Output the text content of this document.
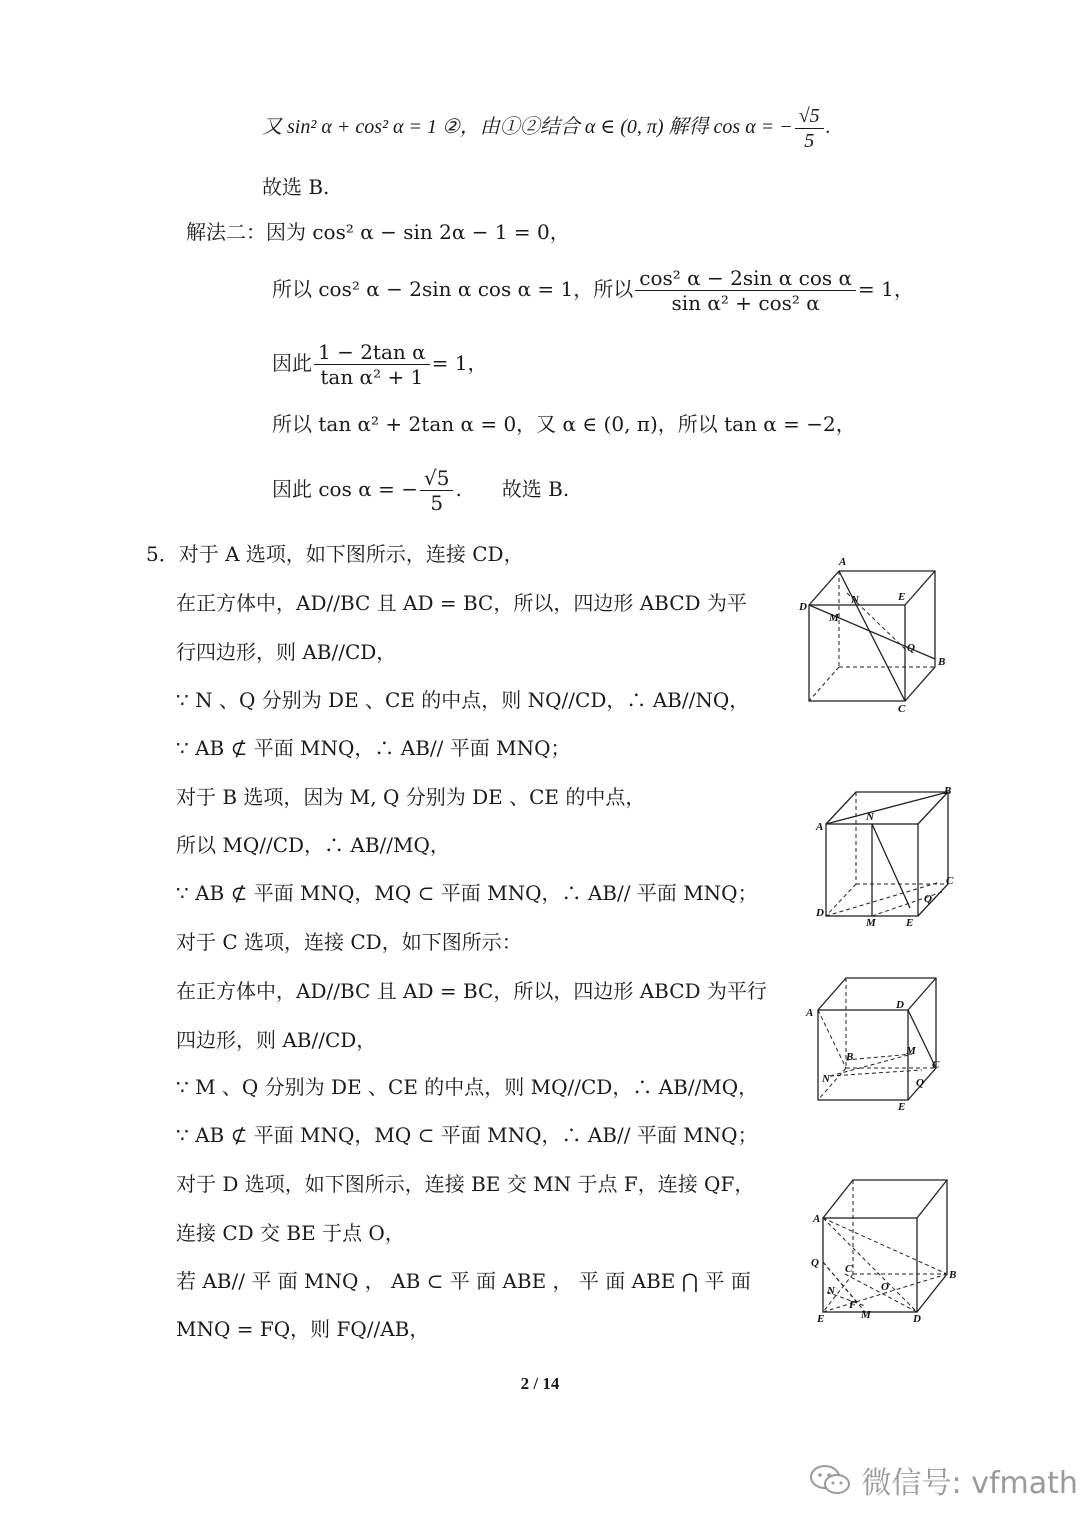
又 sin² α + cos² α = 1 ②，由①②结合 α ∈ (0, π) 解得 cos α = − $\frac{√5}{5}$ .
故选 B.
解法二：因为 cos² α − sin 2α − 1 = 0，
所以 cos² α − 2sin α cos α = 1，所以 $\frac{\text{cos² α − 2sin α cos α}}{\text{sin α² + cos² α}} = 1$，
因此 $\frac{\text{1 − 2tan α}}{\text{tan α² + 1}} = 1$，
所以 tan α² + 2tan α = 0，又 α ∈ (0, π)，所以 tan α = −2，
因此 cos α = − $\frac{√5}{5}$ .　　故选 B.
5．对于 A 选项，如下图所示，连接 CD，
在正方体中，AD//BC 且 AD = BC，所以，四边形 ABCD 为平
行四边形，则 AB//CD，
∵ N 、Q 分别为 DE 、CE 的中点，则 NQ//CD，∴ AB//NQ，
∵ AB ⊄ 平面 MNQ，∴ AB// 平面 MNQ；
对于 B 选项，因为 M, Q 分别为 DE 、CE 的中点，
所以 MQ//CD，∴ AB//MQ，
∵ AB ⊄ 平面 MNQ，MQ ⊂ 平面 MNQ，∴ AB// 平面 MNQ；
对于 C 选项，连接 CD，如下图所示：
在正方体中，AD//BC 且 AD = BC，所以，四边形 ABCD 为平行
四边形，则 AB//CD，
∵ M 、Q 分别为 DE 、CE 的中点，则 MQ//CD，∴ AB//MQ，
∵ AB ⊄ 平面 MNQ，MQ ⊂ 平面 MNQ，∴ AB// 平面 MNQ；
对于 D 选项，如下图所示，连接 BE 交 MN 于点 F，连接 QF，
连接 CD 交 BE 于点 O，
若 AB// 平 面 MNQ ， AB ⊂ 平 面 ABE ， 平 面 ABE ⋂ 平 面
MNQ = FQ，则 FQ//AB，
A
D
N
M
E
Q
B
C
B
A
N
C
Q
D
M	E
A
D
B	M
C
N	Q
E
A
Q C
O
B
N
F
E	M	D
2 / 14
微信号: vfmath
